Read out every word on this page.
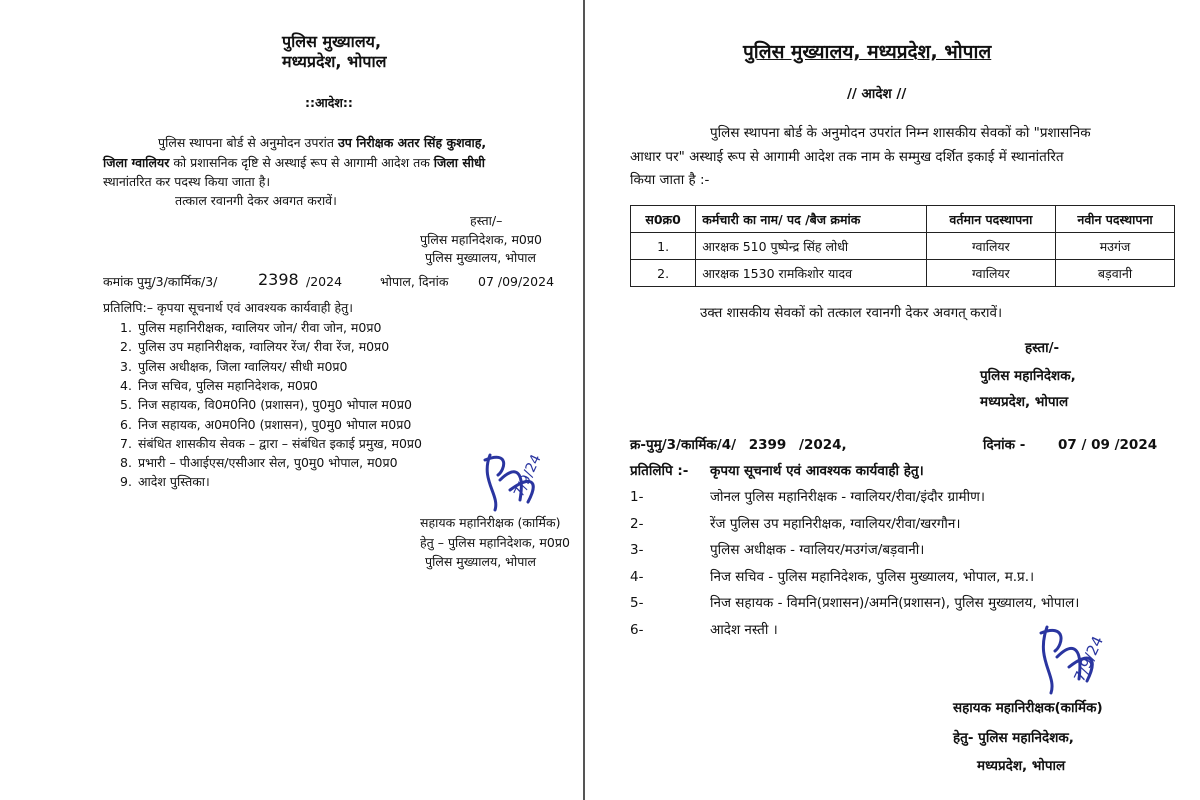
पुलिस मुख्यालय,
मध्यप्रदेश, भोपाल
::आदेश::
पुलिस स्थापना बोर्ड से अनुमोदन उपरांत उप निरीक्षक अतर सिंह कुशवाह,
जिला ग्वालियर को प्रशासनिक दृष्टि से अस्थाई रूप से आगामी आदेश तक जिला सीधी
स्थानांतरित कर पदस्थ किया जाता है।
तत्काल रवानगी देकर अवगत करावें।
हस्ता/–
पुलिस महानिदेशक, म0प्र0
पुलिस मुख्यालय, भोपाल
कमांक पुमु/3/कार्मिक/3/	2398 /2024	भोपाल, दिनांक 07 /09/2024
प्रतिलिपि:– कृपया सूचनार्थ एवं आवश्यक कार्यवाही हेतु।
1. पुलिस महानिरीक्षक, ग्वालियर जोन/ रीवा जोन, म0प्र0
2. पुलिस उप महानिरीक्षक, ग्वालियर रेंज/ रीवा रेंज, म0प्र0
3. पुलिस अधीक्षक, जिला ग्वालियर/ सीधी म0प्र0
4. निज सचिव, पुलिस महानिदेशक, म0प्र0
5. निज सहायक, वि0म0नि0 (प्रशासन), पु0मु0 भोपाल म0प्र0
6. निज सहायक, अ0म0नि0 (प्रशासन), पु0मु0 भोपाल म0प्र0
7. संबंधित शासकीय सेवक – द्वारा – संबंधित इकाई प्रमुख, म0प्र0
8. प्रभारी – पीआईएस/एसीआर सेल, पु0मु0 भोपाल, म0प्र0
9. आदेश पुस्तिका।	7/9/24
सहायक महानिरीक्षक (कार्मिक)
हेतु – पुलिस महानिदेशक, म0प्र0
पुलिस मुख्यालय, भोपाल
पुलिस मुख्यालय, मध्यप्रदेश, भोपाल
// आदेश //
पुलिस स्थापना बोर्ड के अनुमोदन उपरांत निम्न शासकीय सेवकों को "प्रशासनिक
आधार पर" अस्थाई रूप से आगामी आदेश तक नाम के सम्मुख दर्शित इकाई में स्थानांतरित
किया जाता है :-
स0क्र0	कर्मचारी का नाम/ पद /बैज क्रमांक	वर्तमान पदस्थापना	नवीन पदस्थापना
1.	आरक्षक 510 पुष्पेन्द्र सिंह लोधी	ग्वालियर	मउगंज
2.	आरक्षक 1530 रामकिशोर यादव	ग्वालियर	बड़वानी
उक्त शासकीय सेवकों को तत्काल रवानगी देकर अवगत् करावें।
हस्ता/-
पुलिस महानिदेशक,
मध्यप्रदेश, भोपाल
क्र-पुमु/3/कार्मिक/4/ 2399 /2024,	दिनांक - 07 / 09 /2024
प्रतिलिपि :- कृपया सूचनार्थ एवं आवश्यक कार्यवाही हेतु।
1-	जोनल पुलिस महानिरीक्षक - ग्वालियर/रीवा/इंदौर ग्रामीण।
2-	रेंज पुलिस उप महानिरीक्षक, ग्वालियर/रीवा/खरगौन।
3-	पुलिस अधीक्षक - ग्वालियर/मउगंज/बड़वानी।
4-	निज सचिव - पुलिस महानिदेशक, पुलिस मुख्यालय, भोपाल, म.प्र.।
5-	निज सहायक - विमनि(प्रशासन)/अमनि(प्रशासन), पुलिस मुख्यालय, भोपाल।
6-	आदेश नस्ती ।
7/9/24
सहायक महानिरीक्षक(कार्मिक)
हेतु- पुलिस महानिदेशक,
मध्यप्रदेश, भोपाल
